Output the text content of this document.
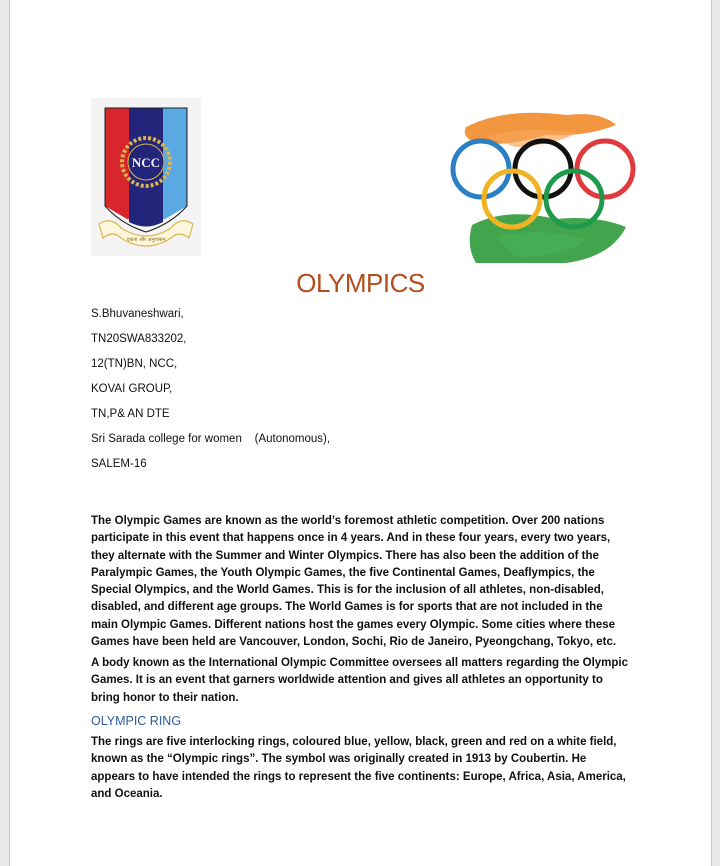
NCC
एकता और अनुशासन
OLYMPICS
S.Bhuvaneshwari,
TN20SWA833202,
12(TN)BN, NCC,
KOVAI GROUP,
TN,P& AN DTE
Sri Sarada college for women    (Autonomous),
SALEM-16

The Olympic Games are known as the world’s foremost athletic competition. Over 200 nations participate in this event that happens once in 4 years. And in these four years, every two years, they alternate with the Summer and Winter Olympics. There has also been the addition of the Paralympic Games, the Youth Olympic Games, the five Continental Games, Deaflympics, the Special Olympics, and the World Games. This is for the inclusion of all athletes, non-disabled, disabled, and different age groups. The World Games is for sports that are not included in the main Olympic Games. Different nations host the games every Olympic. Some cities where these Games have been held are Vancouver, London, Sochi, Rio de Janeiro, Pyeongchang, Tokyo, etc.

A body known as the International Olympic Committee oversees all matters regarding the Olympic Games. It is an event that garners worldwide attention and gives all athletes an opportunity to bring honor to their nation.

OLYMPIC RING

The rings are five interlocking rings, coloured blue, yellow, black, green and red on a white field, known as the “Olympic rings”. The symbol was originally created in 1913 by Coubertin. He appears to have intended the rings to represent the five continents: Europe, Africa, Asia, America, and Oceania.
